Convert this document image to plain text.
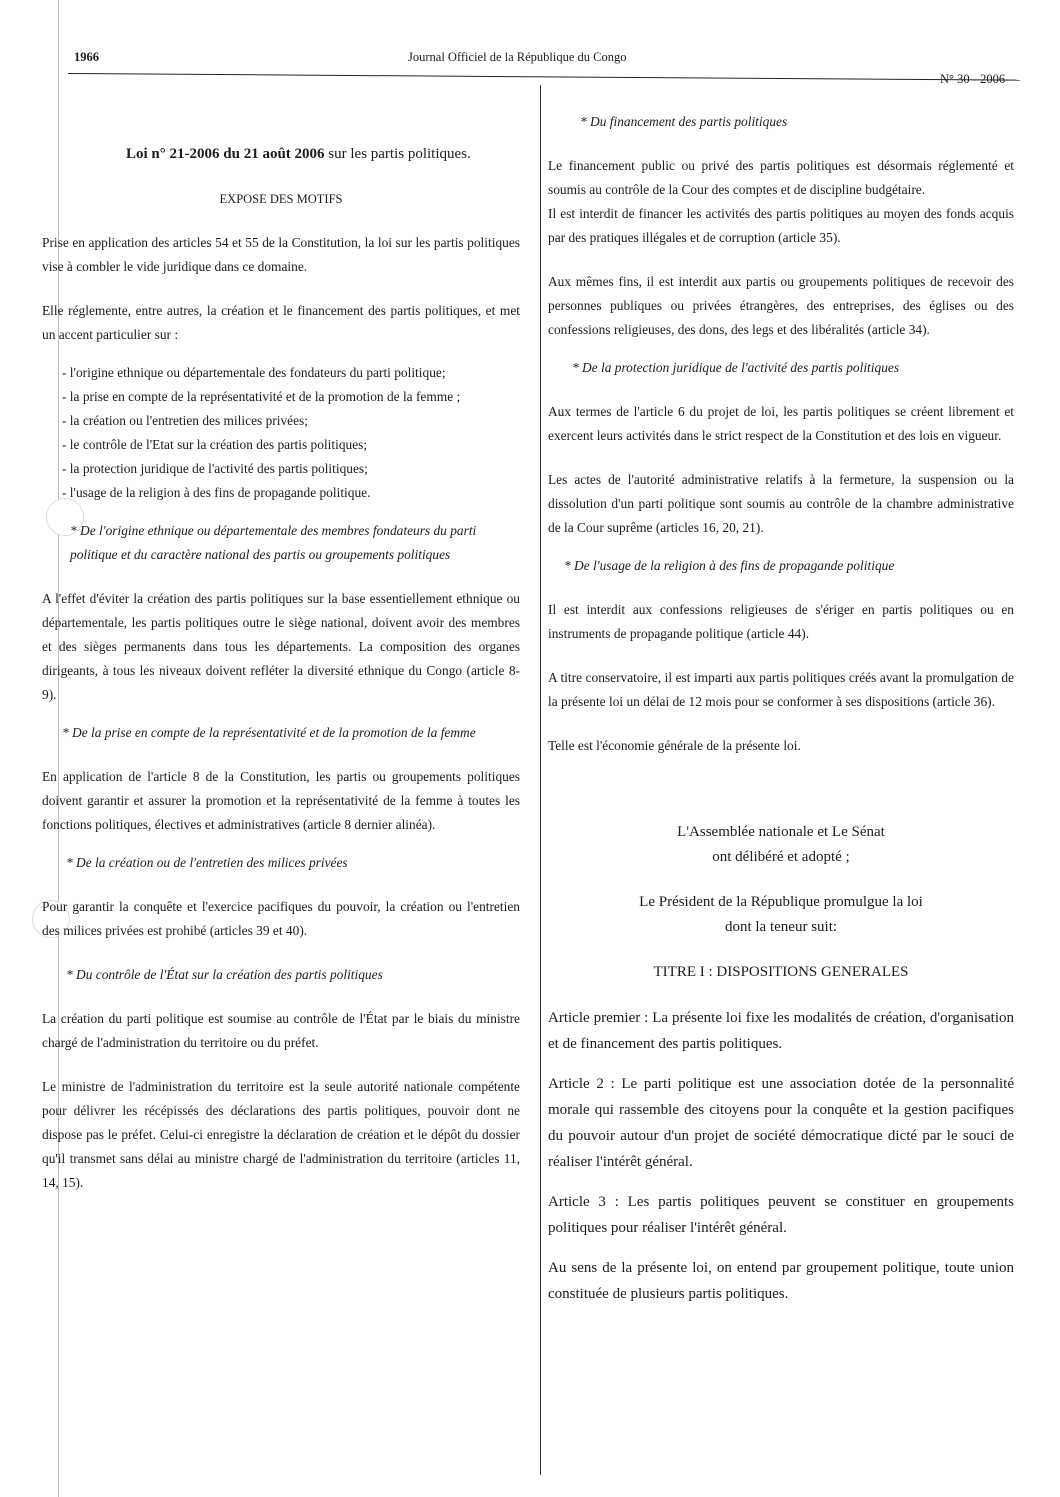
1966	Journal Officiel de la République du Congo
N° 30 - 2006

Loi n° 21-2006 du 21 août 2006 sur les partis politiques.

EXPOSE DES MOTIFS

Prise en application des articles 54 et 55 de la Constitution, la loi sur les partis politiques vise à combler le vide juridique dans ce domaine.

Elle réglemente, entre autres, la création et le financement des partis politiques, et met un accent particulier sur :

- l'origine ethnique ou départementale des fondateurs du parti politique;

- la prise en compte de la représentativité et de la promotion de la femme ;

- la création ou l'entretien des milices privées;

- le contrôle de l'Etat sur la création des partis politiques;

- la protection juridique de l'activité des partis politiques;

- l'usage de la religion à des fins de propagande politique.

* De l'origine ethnique ou départementale des membres fondateurs du parti politique et du caractère national des partis ou groupements politiques

A l'effet d'éviter la création des partis politiques sur la base essentiellement ethnique ou départementale, les partis politiques outre le siège national, doivent avoir des membres et des sièges permanents dans tous les départements. La composition des organes dirigeants, à tous les niveaux doivent refléter la diversité ethnique du Congo (article 8-9).

* De la prise en compte de la représentativité et de la promotion de la femme

En application de l'article 8 de la Constitution, les partis ou groupements politiques doivent garantir et assurer la promotion et la représentativité de la femme à toutes les fonctions politiques, électives et administratives (article 8 dernier alinéa).

* De la création ou de l'entretien des milices privées

Pour garantir la conquête et l'exercice pacifiques du pouvoir, la création ou l'entretien des milices privées est prohibé (articles 39 et 40).

* Du contrôle de l'État sur la création des partis politiques

La création du parti politique est soumise au contrôle de l'État par le biais du ministre chargé de l'administration du territoire ou du préfet.

Le ministre de l'administration du territoire est la seule autorité nationale compétente pour délivrer les récépissés des déclarations des partis politiques, pouvoir dont ne dispose pas le préfet. Celui-ci enregistre la déclaration de création et le dépôt du dossier qu'il transmet sans délai au ministre chargé de l'administration du territoire (articles 11, 14, 15).

* Du financement des partis politiques

Le financement public ou privé des partis politiques est désormais réglementé et soumis au contrôle de la Cour des comptes et de discipline budgétaire.

Il est interdit de financer les activités des partis politiques au moyen des fonds acquis par des pratiques illégales et de corruption (article 35).

Aux mêmes fins, il est interdit aux partis ou groupements politiques de recevoir des personnes publiques ou privées étrangères, des entreprises, des églises ou des confessions religieuses, des dons, des legs et des libéralités (article 34).

* De la protection juridique de l'activité des partis politiques

Aux termes de l'article 6 du projet de loi, les partis politiques se créent librement et exercent leurs activités dans le strict respect de la Constitution et des lois en vigueur.

Les actes de l'autorité administrative relatifs à la fermeture, la suspension ou la dissolution d'un parti politique sont soumis au contrôle de la chambre administrative de la Cour suprême (articles 16, 20, 21).

* De l'usage de la religion à des fins de propagande politique

Il est interdit aux confessions religieuses de s'ériger en partis politiques ou en instruments de propagande politique (article 44).

A titre conservatoire, il est imparti aux partis politiques créés avant la promulgation de la présente loi un délai de 12 mois pour se conformer à ses dispositions (article 36).

Telle est l'économie générale de la présente loi.

L'Assemblée nationale et Le Sénat

ont délibéré et adopté ;

Le Président de la République promulgue la loi

dont la teneur suit:

TITRE I : DISPOSITIONS GENERALES

Article premier : La présente loi fixe les modalités de création, d'organisation et de financement des partis politiques.

Article 2 : Le parti politique est une association dotée de la personnalité morale qui rassemble des citoyens pour la conquête et la gestion pacifiques du pouvoir autour d'un projet de société démocratique dicté par le souci de réaliser l'intérêt général.

Article 3 : Les partis politiques peuvent se constituer en groupements politiques pour réaliser l'intérêt général.

Au sens de la présente loi, on entend par groupement politique, toute union constituée de plusieurs partis politiques.
